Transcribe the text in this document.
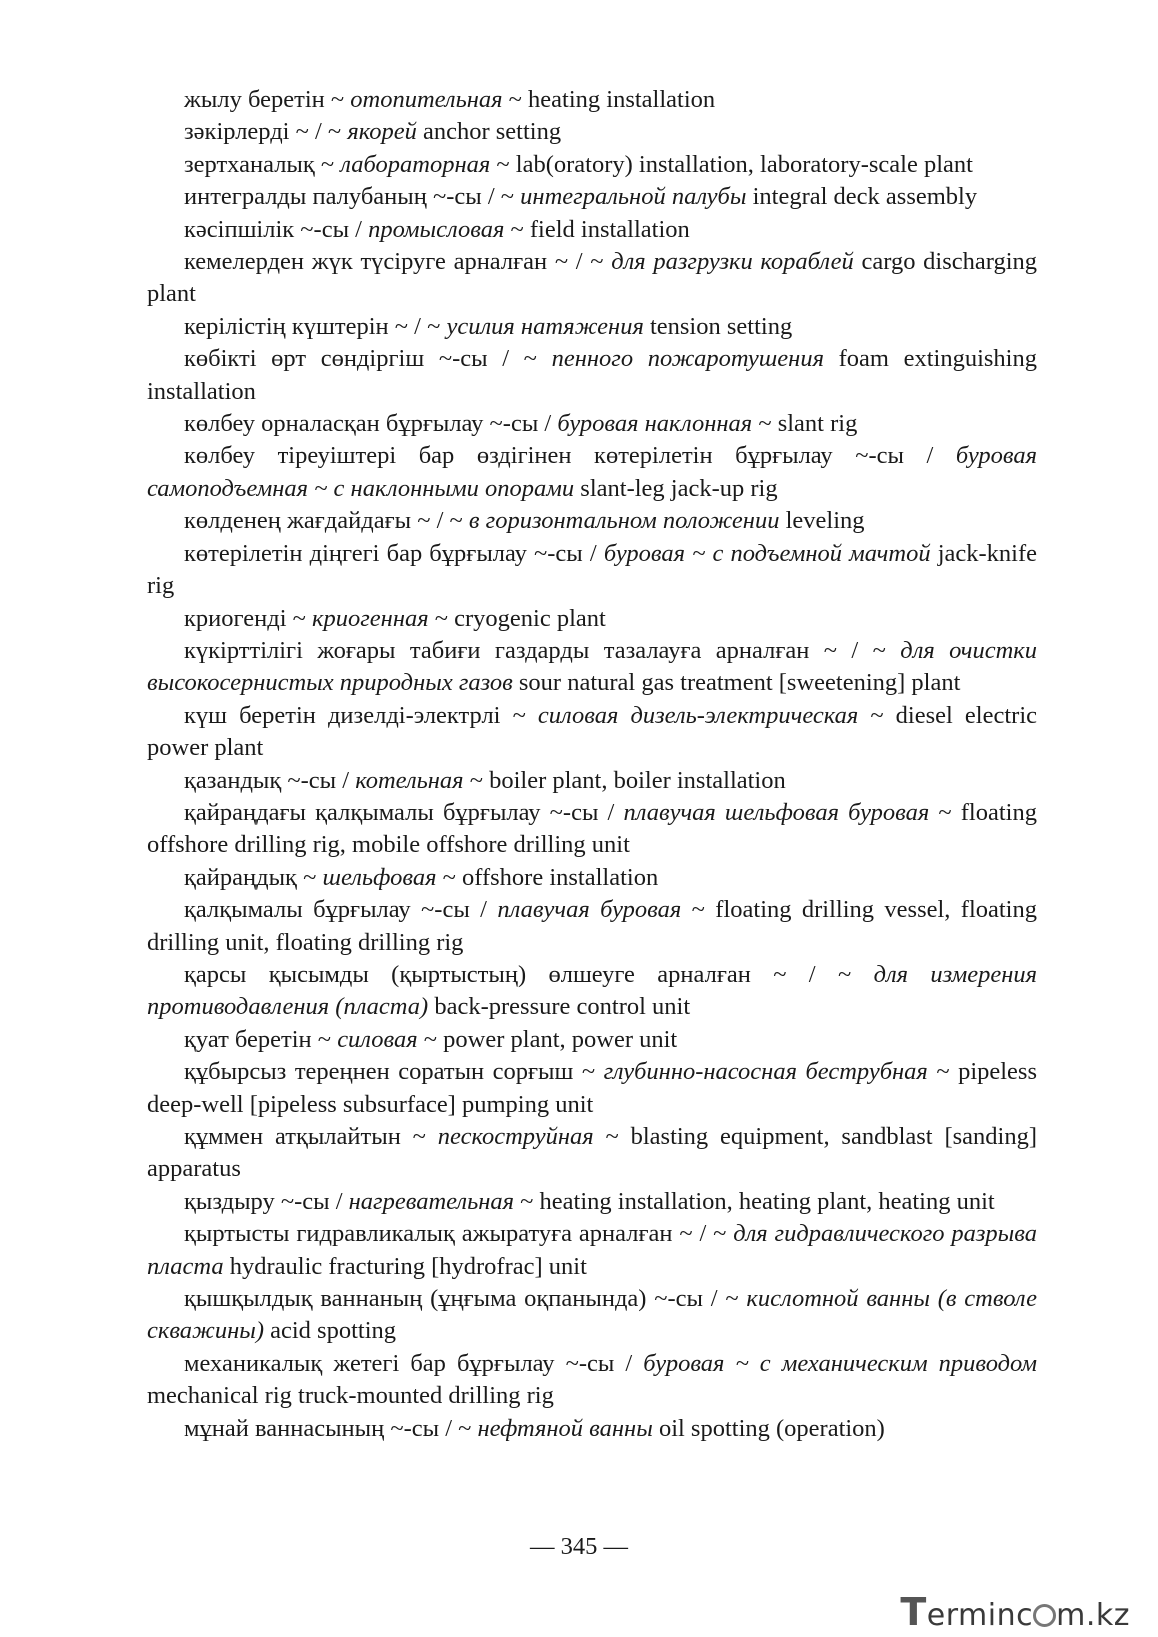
жылу беретін ~ отопительная ~ heating installation

зәкірлерді ~ / ~ якорей anchor setting

зертханалық ~ лабораторная ~ lab(oratory) installation, laboratory-scale plant

интегралды палубаның ~-сы / ~ интегральной палубы integral deck assembly

кәсіпшілік ~-сы / промысловая ~ field installation

кемелерден жүк түсіруге арналған ~ / ~ для разгрузки кораблей cargo discharging plant

керілістің күштерін ~ / ~ усилия натяжения tension setting

көбікті өрт сөндіргіш ~-сы / ~ пенного пожаротушения foam extinguishing installation

көлбеу орналасқан бұрғылау ~-сы / буровая наклонная ~ slant rig

көлбеу тіреуіштері бар өздігінен көтерілетін бұрғылау ~-сы / буровая самоподъемная ~ с наклонными опорами slant-leg jack-up rig

көлденең жағдайдағы ~ / ~ в горизонтальном положении leveling

көтерілетін діңгегі бар бұрғылау ~-сы / буровая ~ с подъемной мачтой jack-knife rig

криогенді ~ криогенная ~ cryogenic plant

күкірттілігі жоғары табиғи газдарды тазалауға арналған ~ / ~ для очистки высокосернистых природных газов sour natural gas treatment [sweetening] plant

күш беретін дизелді-электрлі ~ силовая дизель-электрическая ~ diesel electric power plant

қазандық ~-сы / котельная ~ boiler plant, boiler installation

қайраңдағы қалқымалы бұрғылау ~-сы / плавучая шельфовая буровая ~ floating offshore drilling rig, mobile offshore drilling unit

қайраңдық ~ шельфовая ~ offshore installation

қалқымалы бұрғылау ~-сы / плавучая буровая ~ floating drilling vessel, floating drilling unit, floating drilling rig

қарсы қысымды (қыртыстың) өлшеуге арналған ~ / ~ для измерения противодавления (пласта) back-pressure control unit

қуат беретін ~ силовая ~ power plant, power unit

құбырсыз тереңнен соратын сорғыш ~ глубинно-насосная беструбная ~ pipeless deep-well [pipeless subsurface] pumping unit

құммен атқылайтын ~ пескоструйная ~ blasting equipment, sandblast [sanding] apparatus

қыздыру ~-сы / нагревательная ~ heating installation, heating plant, heating unit

қыртысты гидравликалық ажыратуға арналған ~ / ~ для гидравлического разрыва пласта hydraulic fracturing [hydrofrac] unit

қышқылдық ваннаның (ұңғыма оқпанында) ~-сы / ~ кислотной ванны (в стволе скважины) acid spotting

механикалық жетегі бар бұрғылау ~-сы / буровая ~ с механическим приводом mechanical rig truck-mounted drilling rig

мұнай ваннасының ~-сы / ~ нефтяной ванны oil spotting (operation)

— 345 —
Terminc m.kz
